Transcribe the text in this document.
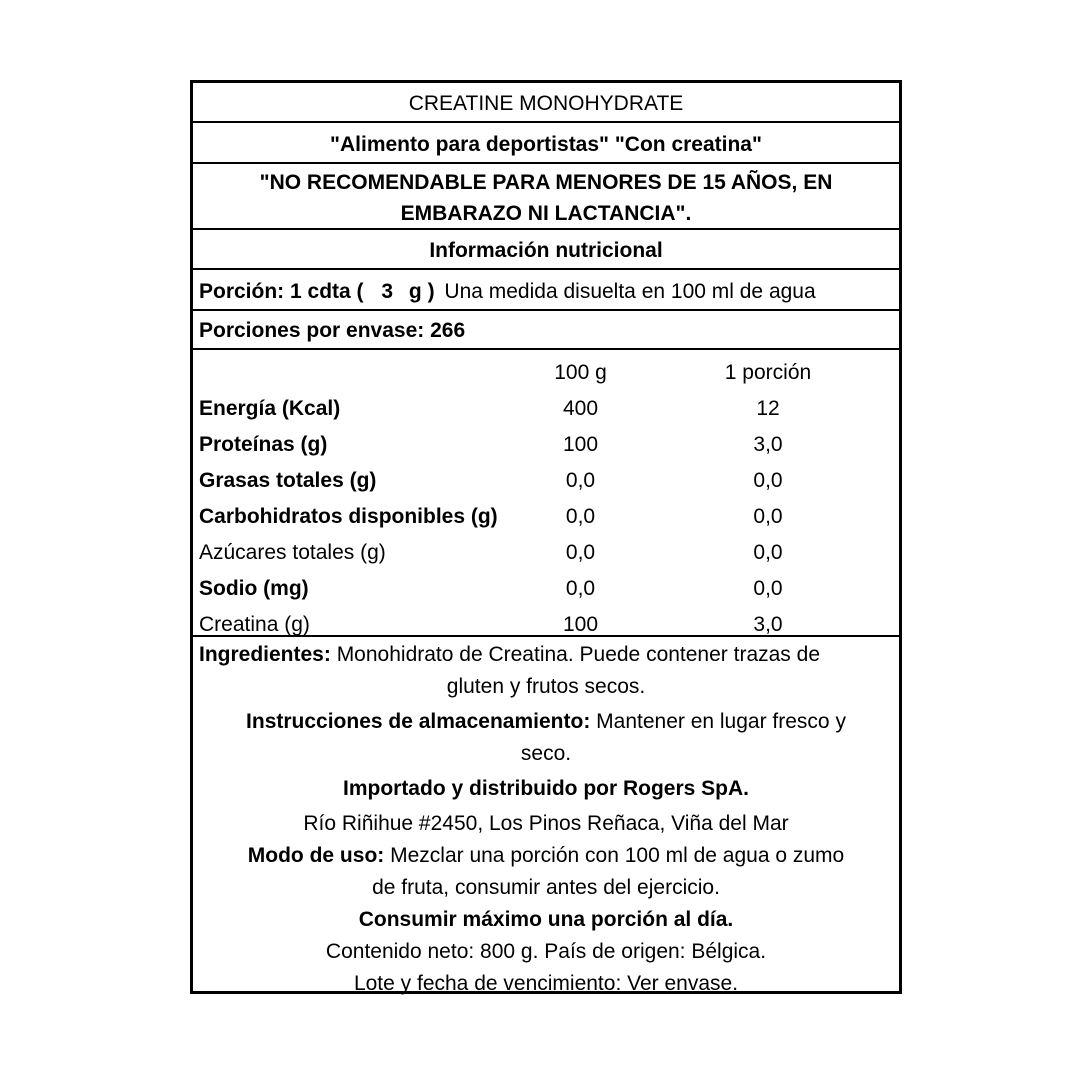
CREATINE MONOHYDRATE
"Alimento para deportistas" "Con creatina"
"NO RECOMENDABLE PARA MENORES DE 15 AÑOS, EN
EMBARAZO NI LACTANCIA".
Información nutricional
Porción: 1 cdta ( 3 g ) Una medida disuelta en 100 ml de agua
Porciones por envase: 266
100 g	1 porción
Energía (Kcal)	400	12
Proteínas (g)	100	3,0
Grasas totales (g)	0,0	0,0
Carbohidratos disponibles (g)	0,0	0,0
Azúcares totales (g)	0,0	0,0
Sodio (mg)	0,0	0,0
Creatina (g)	100	3,0

Ingredientes: Monohidrato de Creatina. Puede contener trazas de

gluten y frutos secos.

Instrucciones de almacenamiento: Mantener en lugar fresco y

seco.

Importado y distribuido por Rogers SpA.

Río Riñihue #2450, Los Pinos Reñaca, Viña del Mar

Modo de uso: Mezclar una porción con 100 ml de agua o zumo

de fruta, consumir antes del ejercicio.

Consumir máximo una porción al día.

Contenido neto: 800 g. País de origen: Bélgica.

Lote y fecha de vencimiento: Ver envase.
